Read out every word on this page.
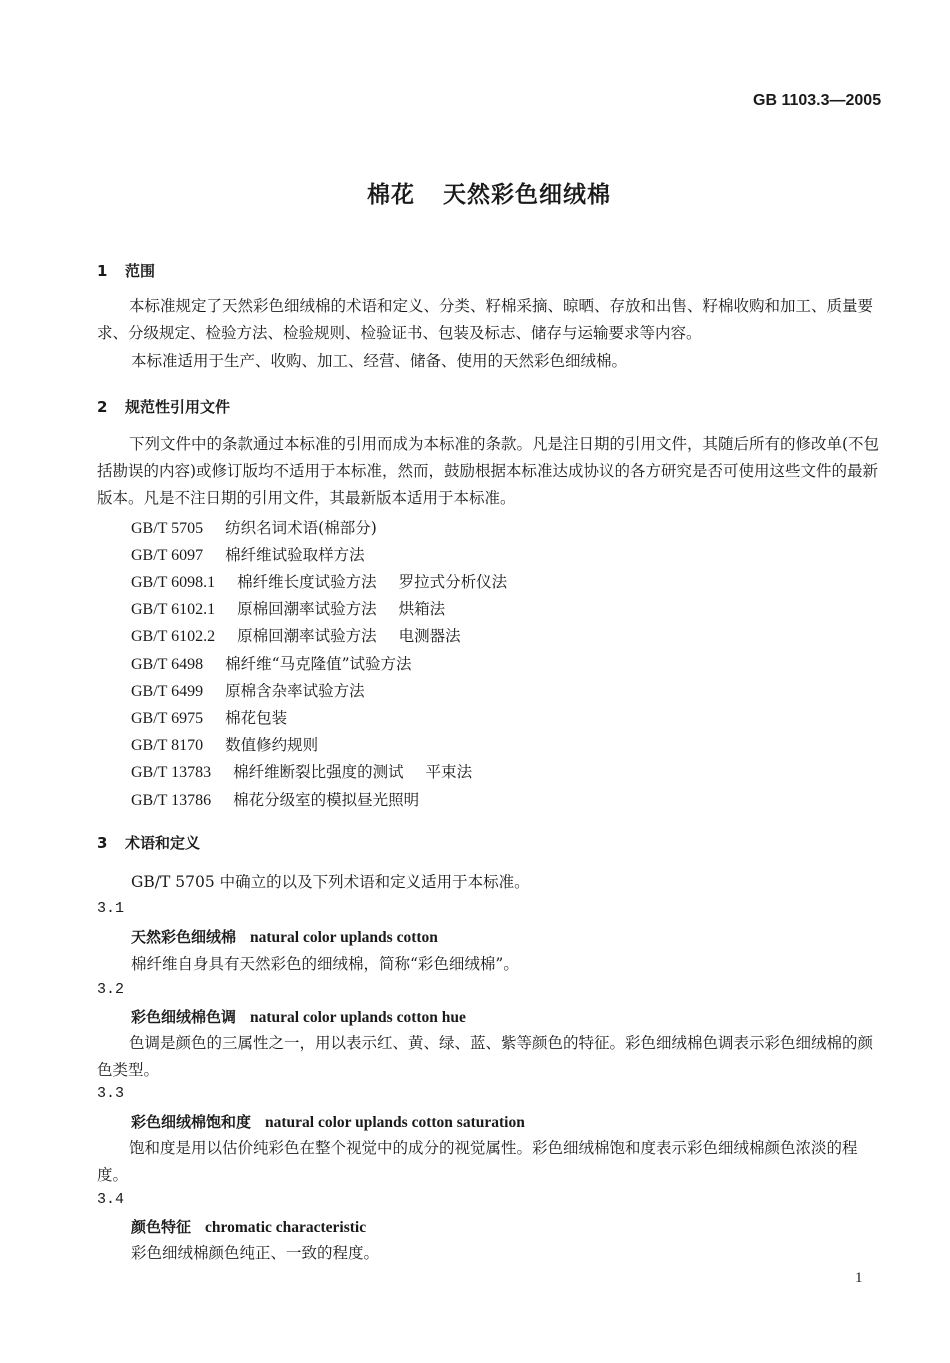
GB 1103.3—2005
棉花 天然彩色细绒棉
1 范围
本标准规定了天然彩色细绒棉的术语和定义、分类、籽棉采摘、晾晒、存放和出售、籽棉收购和加工、质量要求、分级规定、检验方法、检验规则、检验证书、包装及标志、储存与运输要求等内容。
本标准适用于生产、收购、加工、经营、储备、使用的天然彩色细绒棉。
2 规范性引用文件
下列文件中的条款通过本标准的引用而成为本标准的条款。凡是注日期的引用文件，其随后所有的修改单(不包括勘误的内容)或修订版均不适用于本标准，然而，鼓励根据本标准达成协议的各方研究是否可使用这些文件的最新版本。凡是不注日期的引用文件，其最新版本适用于本标准。
GB/T 5705 纺织名词术语(棉部分)
GB/T 6097 棉纤维试验取样方法
GB/T 6098.1 棉纤维长度试验方法 罗拉式分析仪法
GB/T 6102.1 原棉回潮率试验方法 烘箱法
GB/T 6102.2 原棉回潮率试验方法 电测器法
GB/T 6498 棉纤维“马克隆值”试验方法
GB/T 6499 原棉含杂率试验方法
GB/T 6975 棉花包装
GB/T 8170 数值修约规则
GB/T 13783 棉纤维断裂比强度的测试 平束法
GB/T 13786 棉花分级室的模拟昼光照明
3 术语和定义
GB/T 5705 中确立的以及下列术语和定义适用于本标准。
3.1
天然彩色细绒棉 natural color uplands cotton
棉纤维自身具有天然彩色的细绒棉，简称“彩色细绒棉”。
3.2
彩色细绒棉色调 natural color uplands cotton hue
色调是颜色的三属性之一，用以表示红、黄、绿、蓝、紫等颜色的特征。彩色细绒棉色调表示彩色细绒棉的颜色类型。
3.3
彩色细绒棉饱和度 natural color uplands cotton saturation
饱和度是用以估价纯彩色在整个视觉中的成分的视觉属性。彩色细绒棉饱和度表示彩色细绒棉颜色浓淡的程度。
3.4
颜色特征 chromatic characteristic
彩色细绒棉颜色纯正、一致的程度。
1
